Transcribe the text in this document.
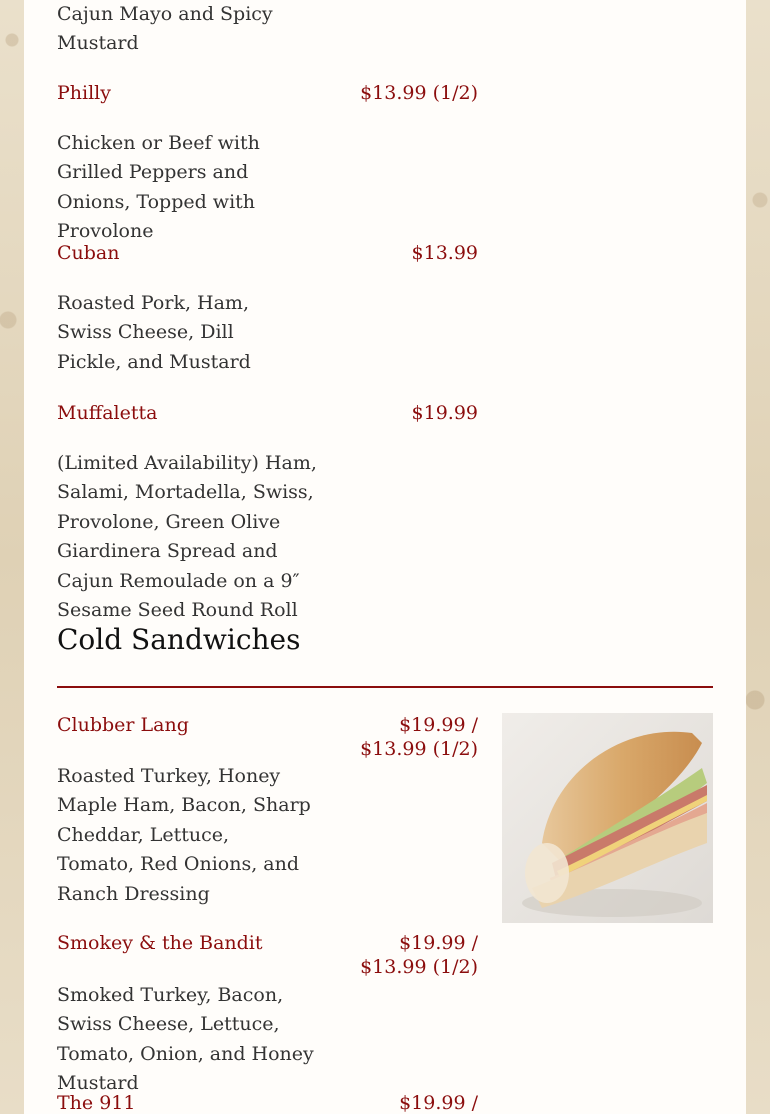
Cajun Mayo and Spicy Mustard
Philly	$13.99 (1/2)
Chicken or Beef with Grilled Peppers and Onions, Topped with Provolone
Cuban	$13.99
Roasted Pork, Ham, Swiss Cheese, Dill Pickle, and Mustard
Muffaletta	$19.99
(Limited Availability) Ham, Salami, Mortadella, Swiss, Provolone, Green Olive Giardinera Spread and Cajun Remoulade on a 9″ Sesame Seed Round Roll
Cold Sandwiches
Clubber Lang	$19.99 /
$13.99 (1/2)
Roasted Turkey, Honey Maple Ham, Bacon, Sharp Cheddar, Lettuce, Tomato, Red Onions, and Ranch Dressing
Smokey & the Bandit	$19.99 /
$13.99 (1/2)
Smoked Turkey, Bacon, Swiss Cheese, Lettuce, Tomato, Onion, and Honey Mustard
The 911	$19.99 /
